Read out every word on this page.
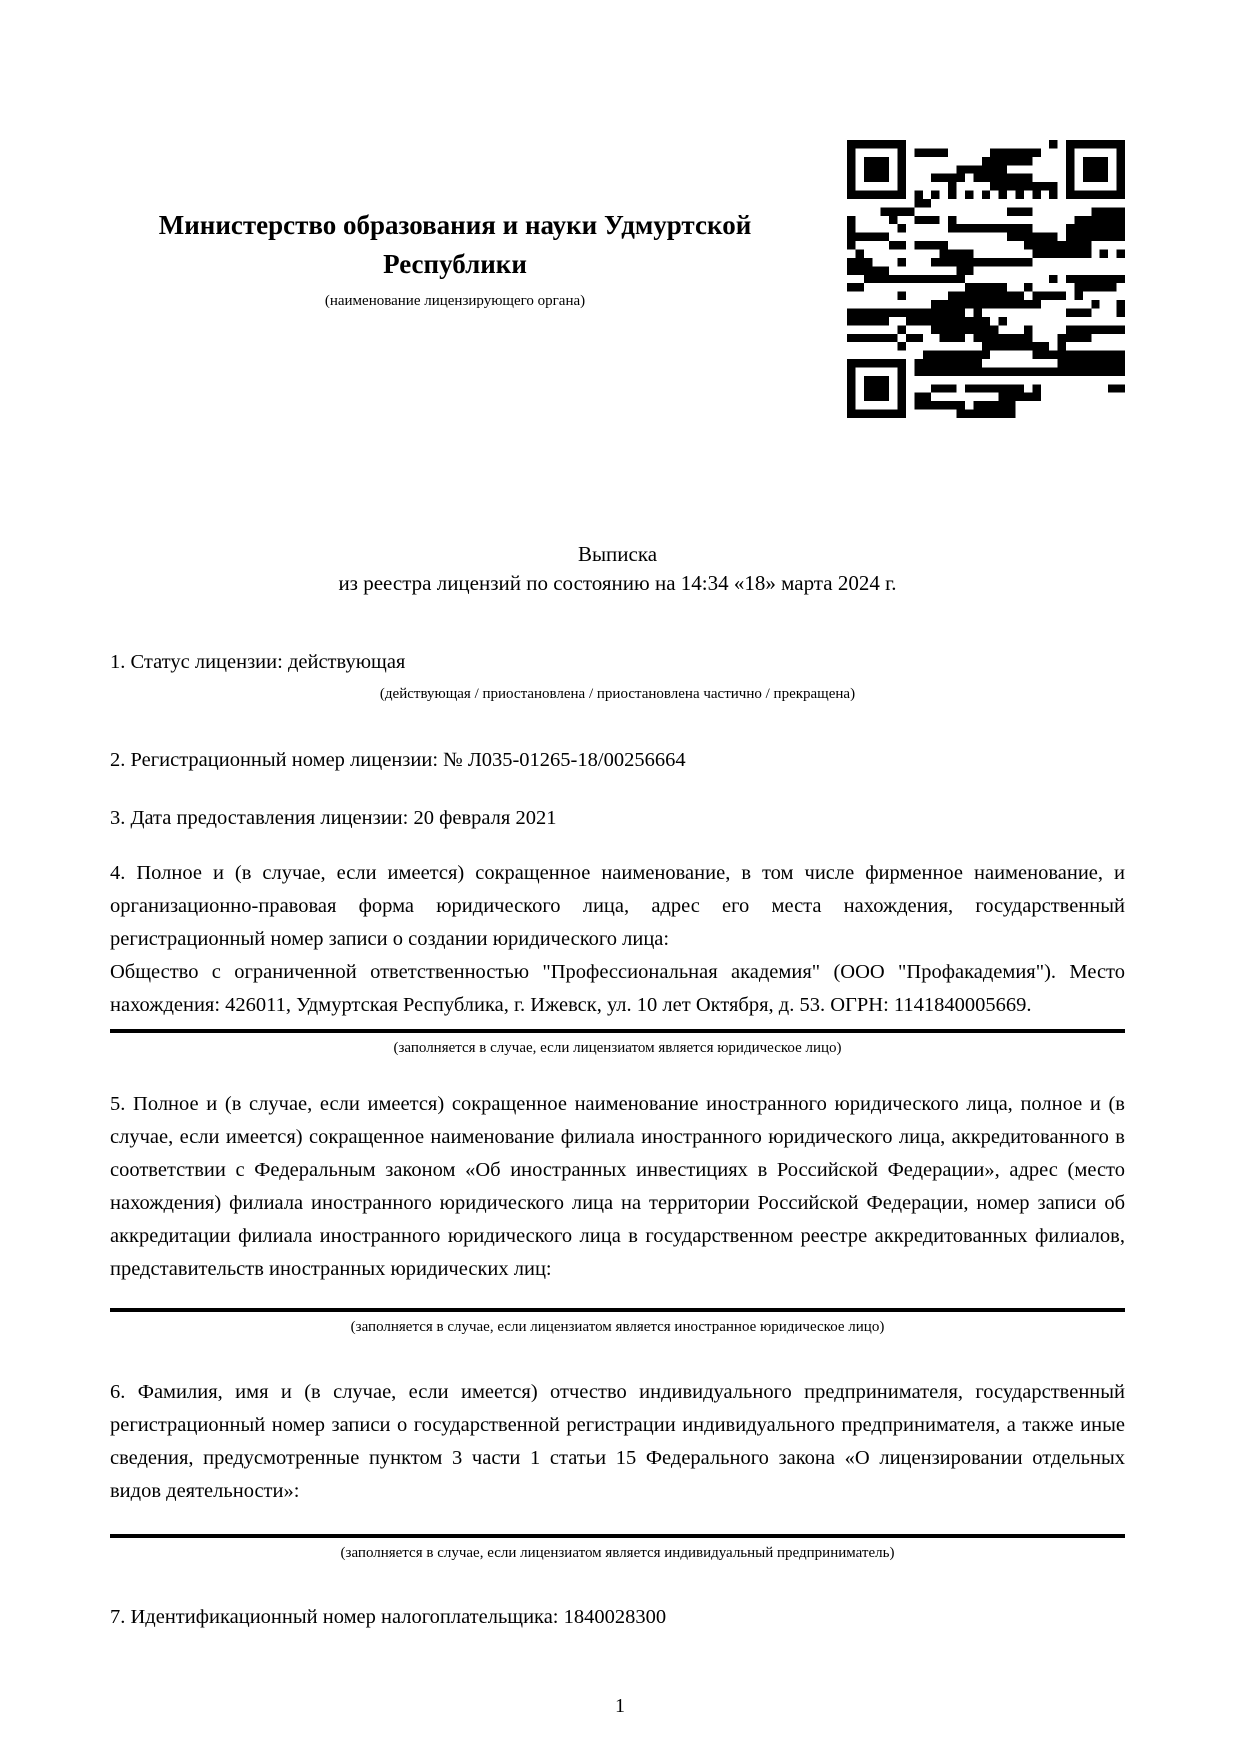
Министерство образования и науки Удмуртской Республики
(наименование лицензирующего органа)
Выписка
из реестра лицензий по состоянию на 14:34 «18» марта 2024 г.

1. Статус лицензии: действующая

(действующая / приостановлена / приостановлена частично / прекращена)

2. Регистрационный номер лицензии: № Л035-01265-18/00256664

3. Дата предоставления лицензии: 20 февраля 2021

4. Полное и (в случае, если имеется) сокращенное наименование, в том числе фирменное наименование, и организационно-правовая форма юридического лица, адрес его места нахождения, государственный регистрационный номер записи о создании юридического лица:

Общество с ограниченной ответственностью "Профессиональная академия" (ООО "Профакадемия"). Место нахождения: 426011, Удмуртская Республика, г. Ижевск, ул. 10 лет Октября, д. 53. ОГРН: 1141840005669.

(заполняется в случае, если лицензиатом является юридическое лицо)

5. Полное и (в случае, если имеется) сокращенное наименование иностранного юридического лица, полное и (в случае, если имеется) сокращенное наименование филиала иностранного юридического лица, аккредитованного в соответствии с Федеральным законом «Об иностранных инвестициях в Российской Федерации», адрес (место нахождения) филиала иностранного юридического лица на территории Российской Федерации, номер записи об аккредитации филиала иностранного юридического лица в государственном реестре аккредитованных филиалов, представительств иностранных юридических лиц:

(заполняется в случае, если лицензиатом является иностранное юридическое лицо)

6. Фамилия, имя и (в случае, если имеется) отчество индивидуального предпринимателя, государственный регистрационный номер записи о государственной регистрации индивидуального предпринимателя, а также иные сведения, предусмотренные пунктом 3 части 1 статьи 15 Федерального закона «О лицензировании отдельных видов деятельности»:

(заполняется в случае, если лицензиатом является индивидуальный предприниматель)

7. Идентификационный номер налогоплательщика: 1840028300

1
